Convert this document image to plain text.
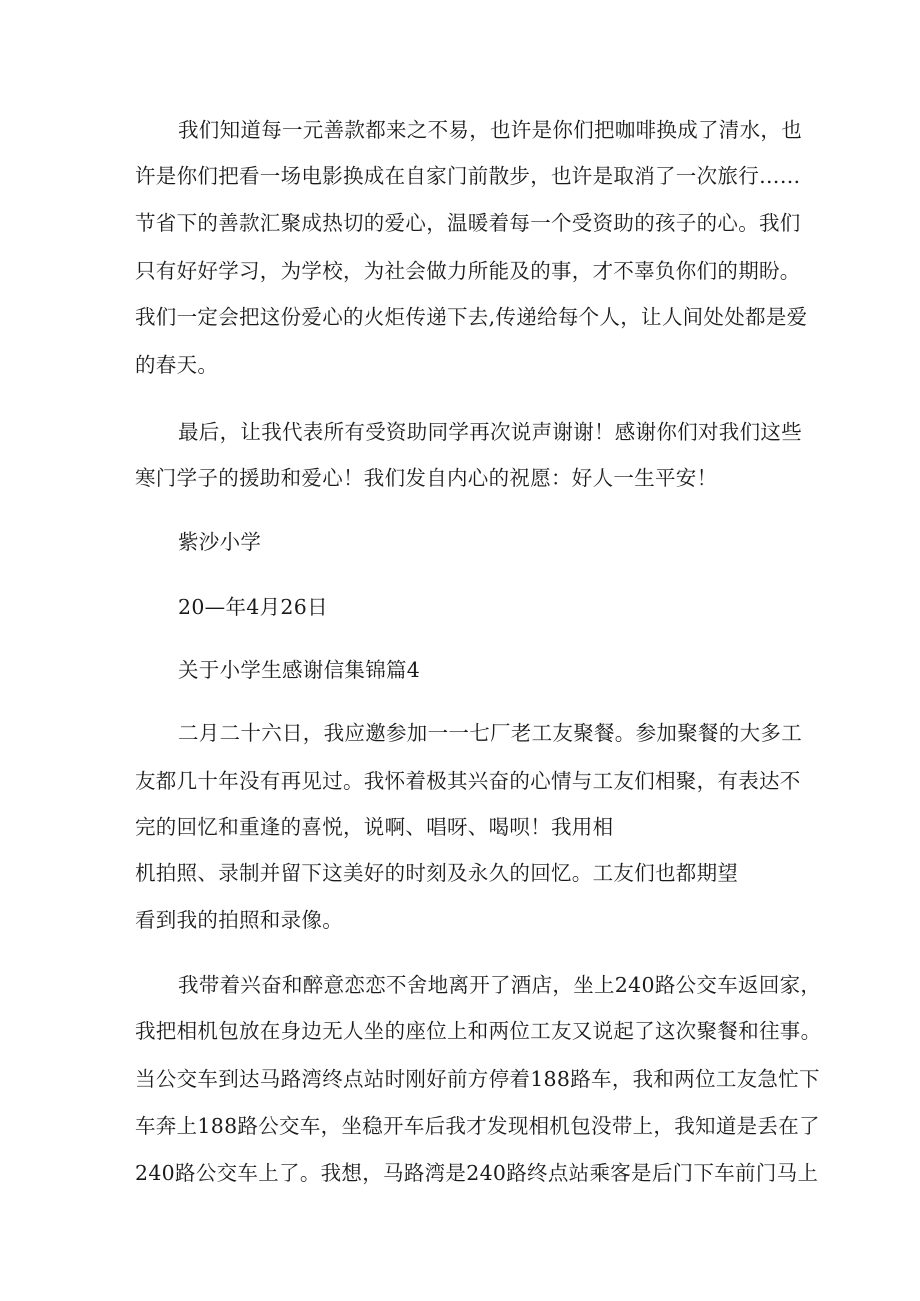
我们知道每一元善款都来之不易，也许是你们把咖啡换成了清水，也
许是你们把看一场电影换成在自家门前散步，也许是取消了一次旅行……
节省下的善款汇聚成热切的爱心，温暖着每一个受资助的孩子的心。我们
只有好好学习，为学校，为社会做力所能及的事，才不辜负你们的期盼。
我们一定会把这份爱心的火炬传递下去,传递给每个人，让人间处处都是爱
的春天。
最后，让我代表所有受资助同学再次说声谢谢！感谢你们对我们这些
寒门学子的援助和爱心！我们发自内心的祝愿：好人一生平安！
紫沙小学
20—年4月26日
关于小学生感谢信集锦篇4
二月二十六日，我应邀参加一一七厂老工友聚餐。参加聚餐的大多工
友都几十年没有再见过。我怀着极其兴奋的心情与工友们相聚，有表达不
完的回忆和重逢的喜悦，说啊、唱呀、喝呗！我用相
机拍照、录制并留下这美好的时刻及永久的回忆。工友们也都期望
看到我的拍照和录像。
我带着兴奋和醉意恋恋不舍地离开了酒店，坐上240路公交车返回家，
我把相机包放在身边无人坐的座位上和两位工友又说起了这次聚餐和往事。
当公交车到达马路湾终点站时刚好前方停着188路车，我和两位工友急忙下
车奔上188路公交车，坐稳开车后我才发现相机包没带上，我知道是丢在了
240路公交车上了。我想，马路湾是240路终点站乘客是后门下车前门马上
